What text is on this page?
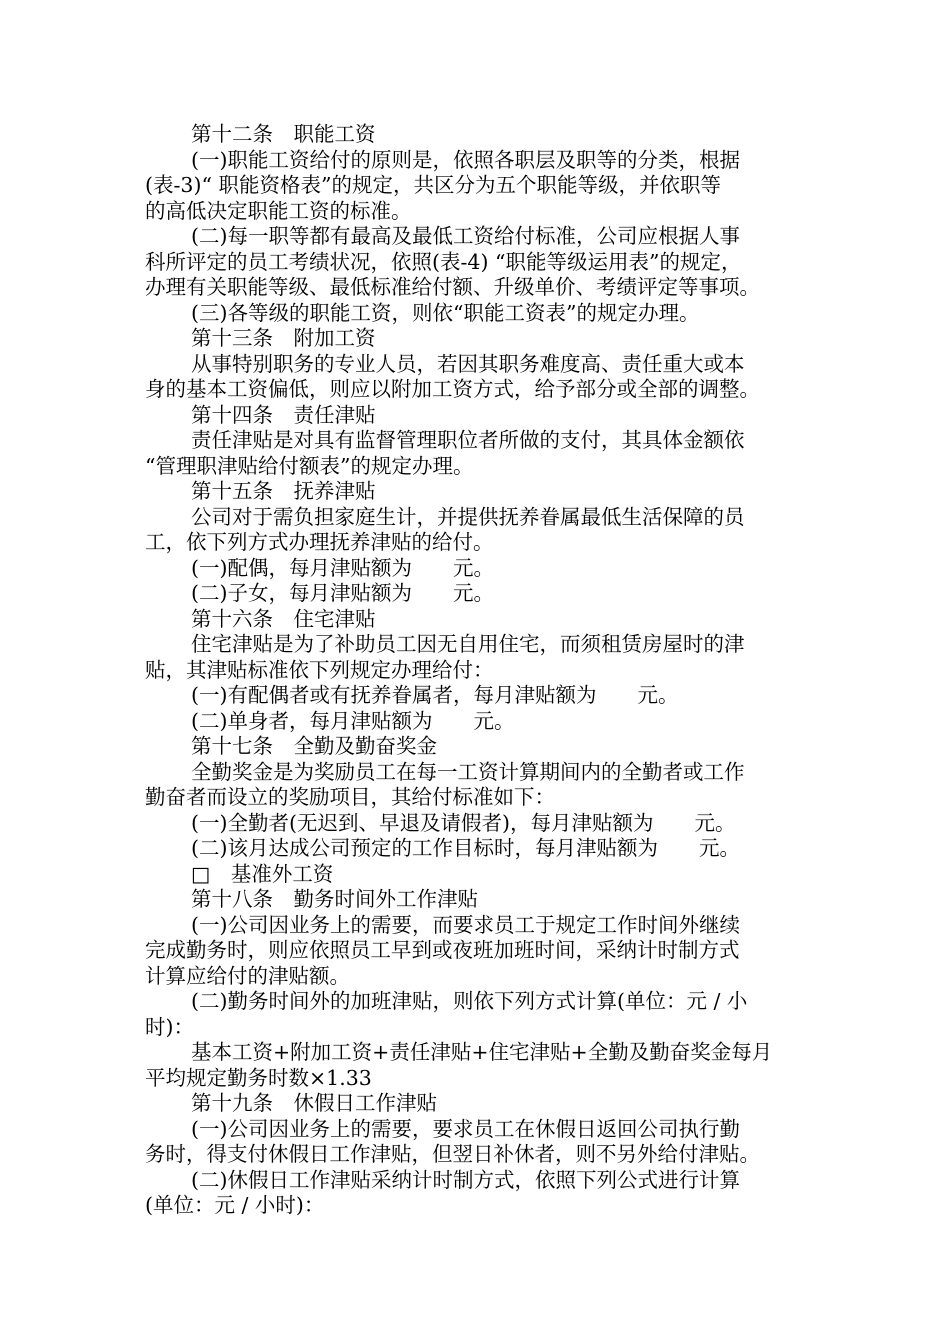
第十二条　职能工资
(一)职能工资给付的原则是，依照各职层及职等的分类，根据
(表-3)“ 职能资格表”的规定，共区分为五个职能等级，并依职等
的高低决定职能工资的标准。
(二)每一职等都有最高及最低工资给付标准，公司应根据人事
科所评定的员工考绩状况，依照(表-4) “职能等级运用表”的规定，
办理有关职能等级、最低标准给付额、升级单价、考绩评定等事项。
(三)各等级的职能工资，则依“职能工资表”的规定办理。
第十三条　附加工资
从事特别职务的专业人员，若因其职务难度高、责任重大或本
身的基本工资偏低，则应以附加工资方式，给予部分或全部的调整。
第十四条　责任津贴
责任津贴是对具有监督管理职位者所做的支付，其具体金额依
“管理职津贴给付额表”的规定办理。
第十五条　抚养津贴
公司对于需负担家庭生计，并提供抚养眷属最低生活保障的员
工，依下列方式办理抚养津贴的给付。
(一)配偶，每月津贴额为　　元。
(二)子女，每月津贴额为　　元。
第十六条　住宅津贴
住宅津贴是为了补助员工因无自用住宅，而须租赁房屋时的津
贴，其津贴标准依下列规定办理给付：
(一)有配偶者或有抚养眷属者，每月津贴额为　　元。
(二)单身者，每月津贴额为　　元。
第十七条　全勤及勤奋奖金
全勤奖金是为奖励员工在每一工资计算期间内的全勤者或工作
勤奋者而设立的奖励项目，其给付标准如下：
(一)全勤者(无迟到、早退及请假者)，每月津贴额为　　元。
(二)该月达成公司预定的工作目标时，每月津贴额为　　元。
□　基准外工资
第十八条　勤务时间外工作津贴
(一)公司因业务上的需要，而要求员工于规定工作时间外继续
完成勤务时，则应依照员工早到或夜班加班时间，采纳计时制方式
计算应给付的津贴额。
(二)勤务时间外的加班津贴，则依下列方式计算(单位：元 / 小
时)：
基本工资+附加工资+责任津贴+住宅津贴+全勤及勤奋奖金每月
平均规定勤务时数×1.33
第十九条　休假日工作津贴
(一)公司因业务上的需要，要求员工在休假日返回公司执行勤
务时，得支付休假日工作津贴，但翌日补休者，则不另外给付津贴。
(二)休假日工作津贴采纳计时制方式，依照下列公式进行计算
(单位：元 / 小时)：
